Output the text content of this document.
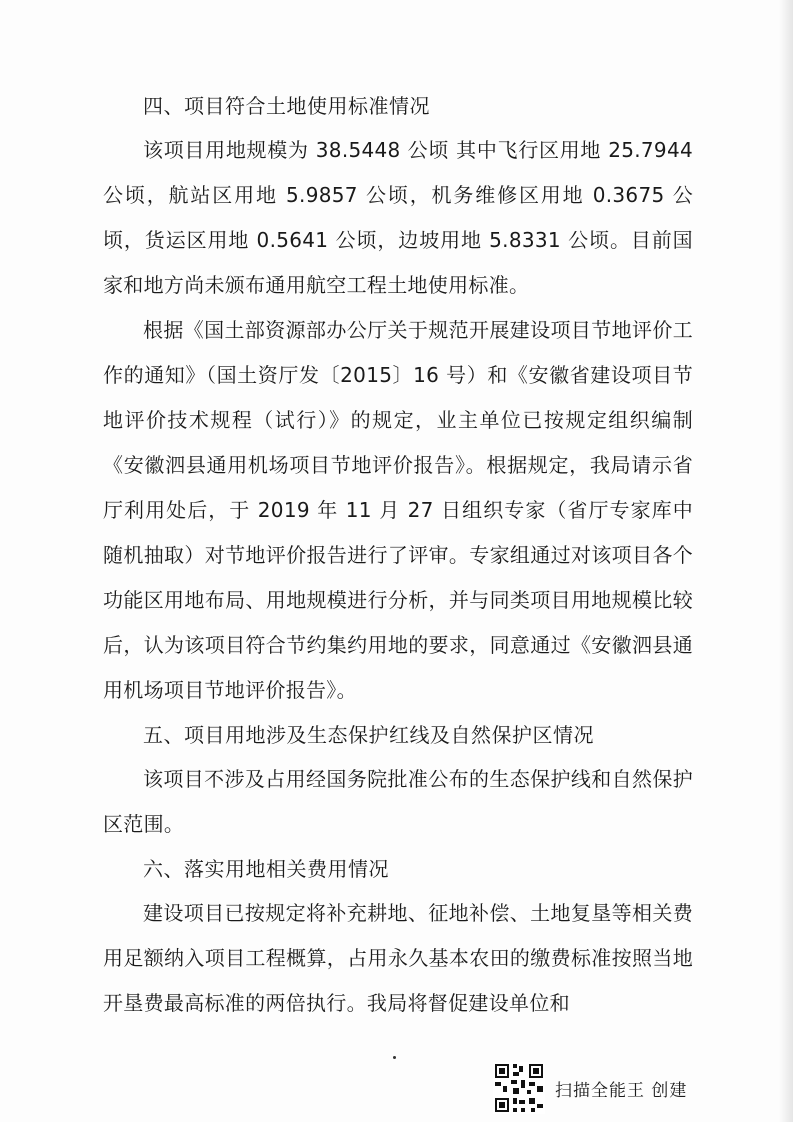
四、项目符合土地使用标准情况

该项目用地规模为 38.5448 公顷 其中飞行区用地 25.7944 公顷，航站区用地 5.9857 公顷，机务维修区用地 0.3675 公顷，货运区用地 0.5641 公顷，边坡用地 5.8331 公顷。目前国家和地方尚未颁布通用航空工程土地使用标准。

根据《国土部资源部办公厅关于规范开展建设项目节地评价工作的通知》（国土资厅发〔2015〕16 号）和《安徽省建设项目节地评价技术规程（试行）》的规定，业主单位已按规定组织编制《安徽泗县通用机场项目节地评价报告》。根据规定，我局请示省厅利用处后，于 2019 年 11 月 27 日组织专家（省厅专家库中随机抽取）对节地评价报告进行了评审。专家组通过对该项目各个功能区用地布局、用地规模进行分析，并与同类项目用地规模比较后，认为该项目符合节约集约用地的要求，同意通过《安徽泗县通用机场项目节地评价报告》。

五、项目用地涉及生态保护红线及自然保护区情况

该项目不涉及占用经国务院批准公布的生态保护线和自然保护区范围。

六、落实用地相关费用情况

建设项目已按规定将补充耕地、征地补偿、土地复垦等相关费用足额纳入项目工程概算，占用永久基本农田的缴费标准按照当地开垦费最高标准的两倍执行。我局将督促建设单位和

扫描全能王 创建
